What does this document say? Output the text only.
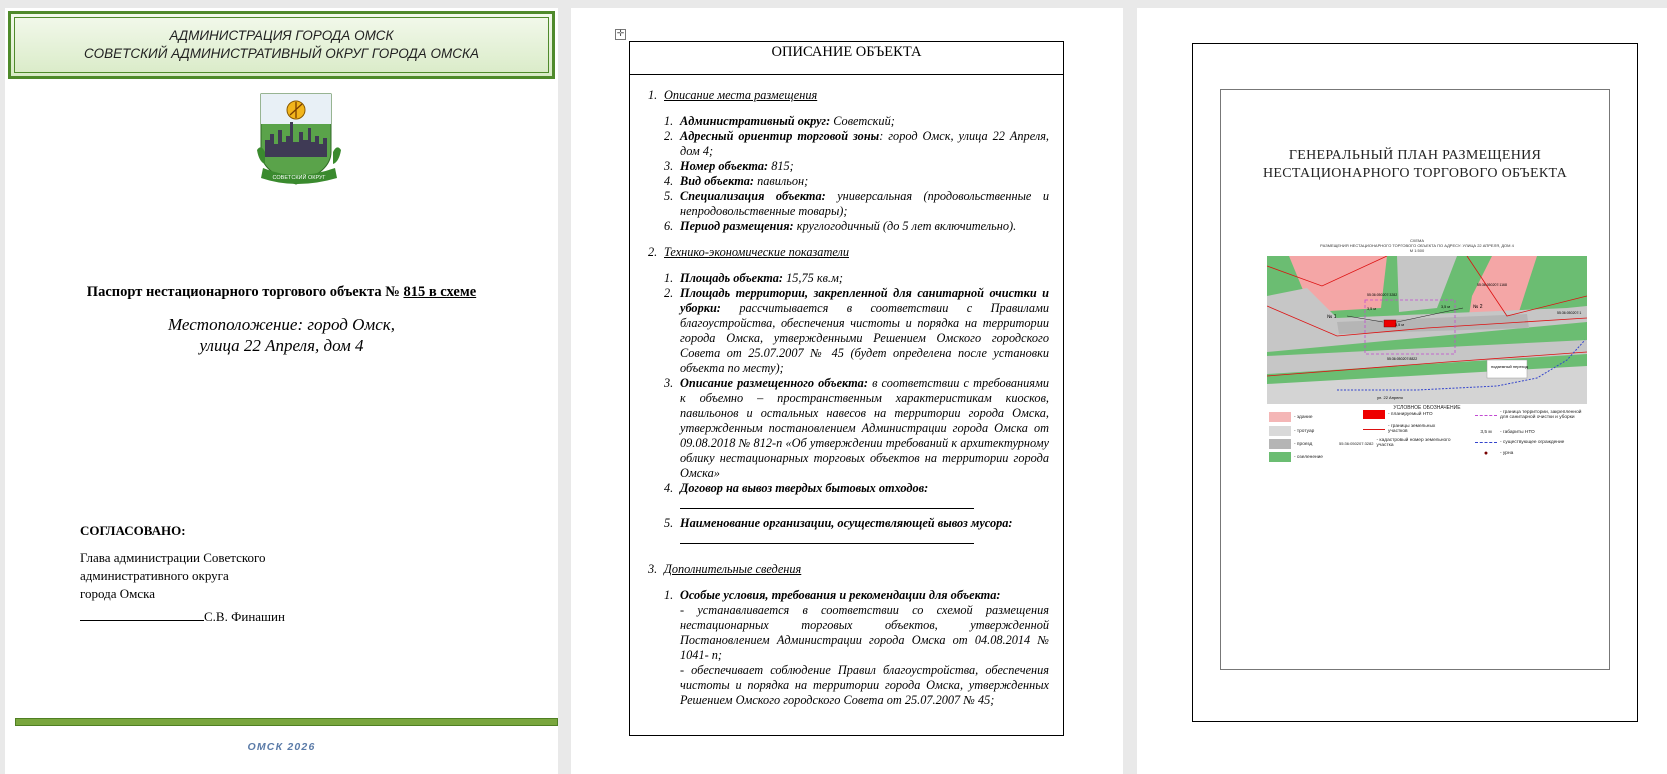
АДМИНИСТРАЦИЯ ГОРОДА ОМСК
СОВЕТСКИЙ АДМИНИСТРАТИВНЫЙ ОКРУГ ГОРОДА ОМСКА
СОВЕТСКИЙ ОКРУГ
Паспорт нестационарного торгового объекта № 815 в схеме
Местоположение: город Омск,
улица 22 Апреля, дом 4
СОГЛАСОВАНО:
Глава администрации Советского
административного округа
города Омска
С.В. Финашин
ОМСК 2026
✛
ОПИСАНИЕ ОБЪЕКТА
1. Описание места размещения
1. Административный округ: Советский;
2. Адресный ориентир торговой зоны: город Омск, улица 22 Апреля, дом 4;
3. Номер объекта: 815;
4. Вид объекта: павильон;
5. Специализация объекта: универсальная (продовольственные и непродовольственные товары);
6. Период размещения: круглогодичный (до 5 лет включительно).
2. Технико-экономические показатели
1. Площадь объекта: 15,75 кв.м;
2. Площадь территории, закрепленной для санитарной очистки и уборки: рассчитывается в соответствии с Правилами благоустройства, обеспечения чистоты и порядка на территории города Омска, утвержденными Решением Омского городского Совета от 25.07.2007 № 45 (будет определена после установки объекта по месту);
3. Описание размещенного объекта: в соответствии с требованиями к объемно – пространственным характеристикам киосков, павильонов и остальных навесов на территории города Омска, утвержденным постановлением Администрации города Омска от 09.08.2018 № 812-п «Об утверждении требований к архитектурному облику нестационарных торговых объектов на территории города Омска»
4. Договор на вывоз твердых бытовых отходов:
5. Наименование организации, осуществляющей вывоз мусора:
3. Дополнительные сведения
1. Особые условия, требования и рекомендации для объекта:
- устанавливается в соответствии со схемой размещения нестационарных торговых объектов, утвержденной Постановлением Администрации города Омска от 04.08.2014 № 1041- п;
- обеспечивает соблюдение Правил благоустройства, обеспечения чистоты и порядка на территории города Омска, утвержденных Решением Омского городского Совета от 25.07.2007 № 45;
ГЕНЕРАЛЬНЫЙ ПЛАН РАЗМЕЩЕНИЯ
НЕСТАЦИОНАРНОГО ТОРГОВОГО ОБЪЕКТА
СХЕМА
РАЗМЕЩЕНИЯ НЕСТАЦИОНАРНОГО ТОРГОВОГО ОБЪЕКТА ПО АДРЕСУ: УЛИЦА 22 АПРЕЛЯ, ДОМ 4
М 1:500
№ 1
№ 2
3,5 м	3,5 м
3,5 м
подземный переход
ул. 22 Апреля
55:36:050207:3282
55:36:050207:1168
55:36:050207:8822
55:36:050207:1
УСЛОВНОЕ ОБОЗНАЧЕНИЕ
- здание
- тротуар
- проезд
- озеленение
- планируемый НТО
- границы земельных участков
55:36:050207:3282 - кадастровый номер земельного участка
- граница территории, закрепленной для санитарной очистки и уборки
3,5 м	- габариты НТО
- существующее ограждение
●	- урна
